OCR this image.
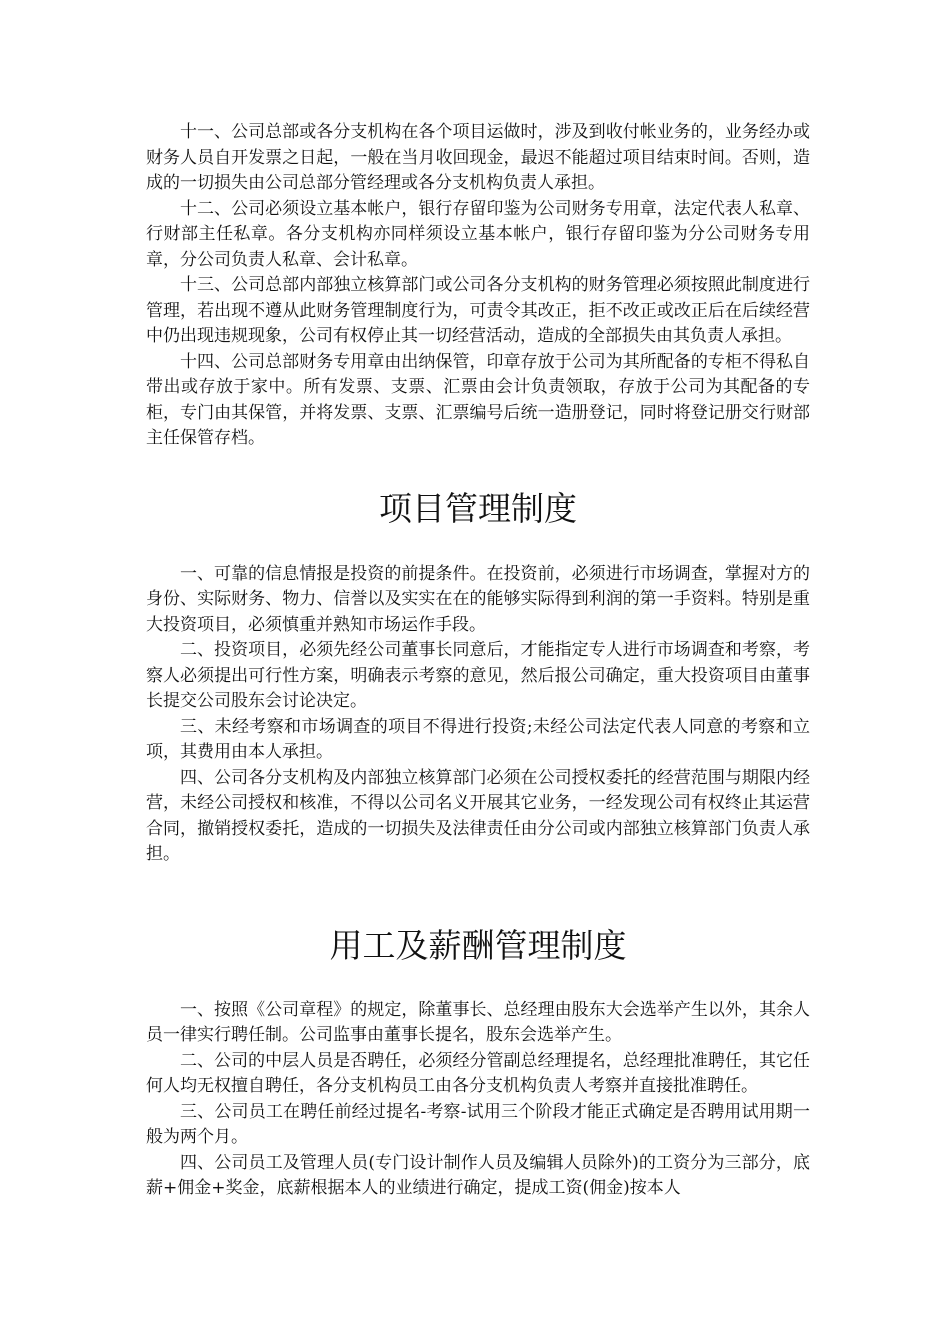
十一、公司总部或各分支机构在各个项目运做时，涉及到收付帐业务的，业务经办或财务人员自开发票之日起，一般在当月收回现金，最迟不能超过项目结束时间。否则，造成的一切损失由公司总部分管经理或各分支机构负责人承担。

十二、公司必须设立基本帐户，银行存留印鉴为公司财务专用章，法定代表人私章、行财部主任私章。各分支机构亦同样须设立基本帐户，银行存留印鉴为分公司财务专用章，分公司负责人私章、会计私章。

十三、公司总部内部独立核算部门或公司各分支机构的财务管理必须按照此制度进行管理，若出现不遵从此财务管理制度行为，可责令其改正，拒不改正或改正后在后续经营中仍出现违规现象，公司有权停止其一切经营活动，造成的全部损失由其负责人承担。

十四、公司总部财务专用章由出纳保管，印章存放于公司为其所配备的专柜不得私自带出或存放于家中。所有发票、支票、汇票由会计负责领取，存放于公司为其配备的专柜，专门由其保管，并将发票、支票、汇票编号后统一造册登记，同时将登记册交行财部主任保管存档。

项目管理制度

一、可靠的信息情报是投资的前提条件。在投资前，必须进行市场调查，掌握对方的身份、实际财务、物力、信誉以及实实在在的能够实际得到利润的第一手资料。特别是重大投资项目，必须慎重并熟知市场运作手段。

二、投资项目，必须先经公司董事长同意后，才能指定专人进行市场调查和考察，考察人必须提出可行性方案，明确表示考察的意见，然后报公司确定，重大投资项目由董事长提交公司股东会讨论决定。

三、未经考察和市场调查的项目不得进行投资;未经公司法定代表人同意的考察和立项，其费用由本人承担。

四、公司各分支机构及内部独立核算部门必须在公司授权委托的经营范围与期限内经营，未经公司授权和核准，不得以公司名义开展其它业务，一经发现公司有权终止其运营合同，撤销授权委托，造成的一切损失及法律责任由分公司或内部独立核算部门负责人承担。

用工及薪酬管理制度

一、按照《公司章程》的规定，除董事长、总经理由股东大会选举产生以外，其余人员一律实行聘任制。公司监事由董事长提名，股东会选举产生。

二、公司的中层人员是否聘任，必须经分管副总经理提名，总经理批准聘任，其它任何人均无权擅自聘任，各分支机构员工由各分支机构负责人考察并直接批准聘任。

三、公司员工在聘任前经过提名-考察-试用三个阶段才能正式确定是否聘用试用期一般为两个月。

四、公司员工及管理人员(专门设计制作人员及编辑人员除外)的工资分为三部分，底薪+佣金+奖金，底薪根据本人的业绩进行确定，提成工资(佣金)按本人
